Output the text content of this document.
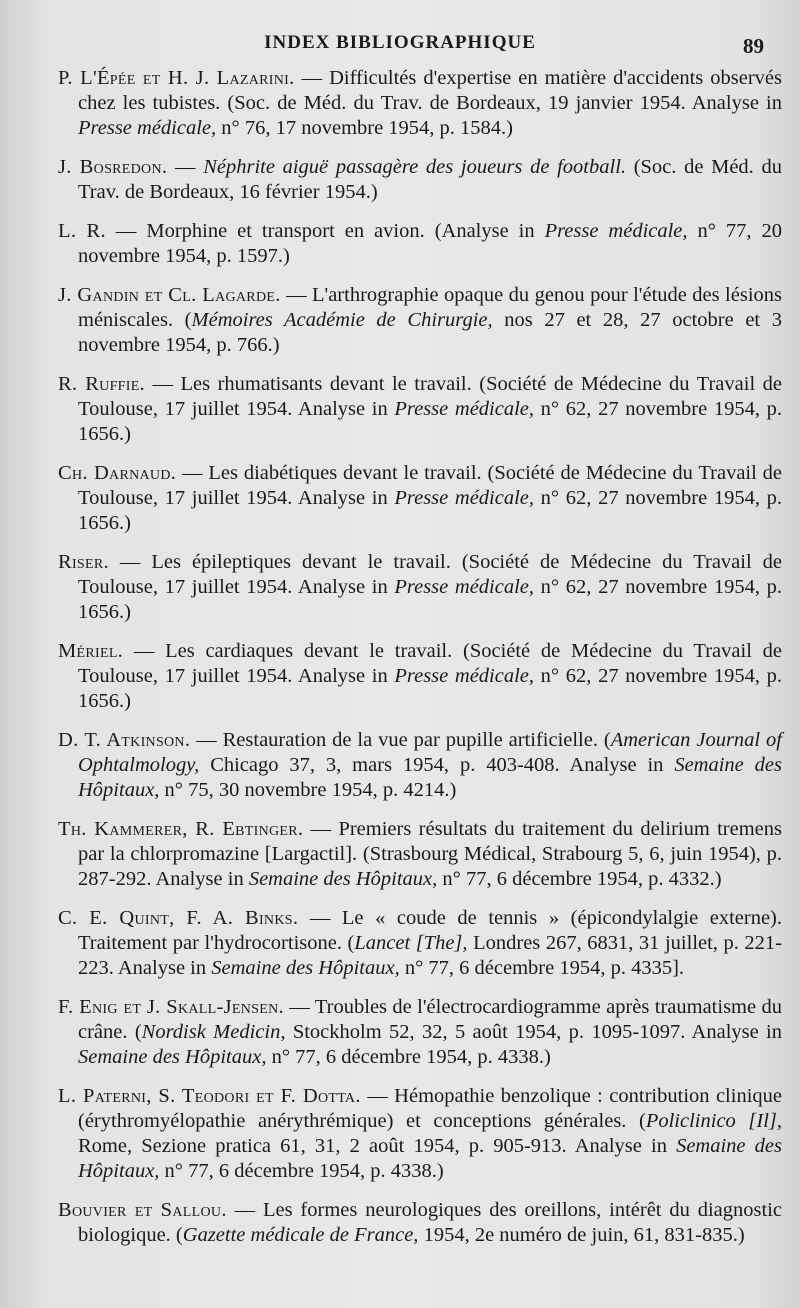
INDEX BIBLIOGRAPHIQUE	89

P. L'Épée et H. J. Lazarini. — Difficultés d'expertise en matière d'accidents observés chez les tubistes. (Soc. de Méd. du Trav. de Bordeaux, 19 janvier 1954. Analyse in Presse médicale, n° 76, 17 novembre 1954, p. 1584.)

J. Bosredon. — Néphrite aiguë passagère des joueurs de football. (Soc. de Méd. du Trav. de Bordeaux, 16 février 1954.)

L. R. — Morphine et transport en avion. (Analyse in Presse médicale, n° 77, 20 novembre 1954, p. 1597.)

J. Gandin et Cl. Lagarde. — L'arthrographie opaque du genou pour l'étude des lésions méniscales. (Mémoires Académie de Chirurgie, nos 27 et 28, 27 octobre et 3 novembre 1954, p. 766.)

R. Ruffie. — Les rhumatisants devant le travail. (Société de Médecine du Travail de Toulouse, 17 juillet 1954. Analyse in Presse médicale, n° 62, 27 novembre 1954, p. 1656.)

Ch. Darnaud. — Les diabétiques devant le travail. (Société de Médecine du Travail de Toulouse, 17 juillet 1954. Analyse in Presse médicale, n° 62, 27 novembre 1954, p. 1656.)

Riser. — Les épileptiques devant le travail. (Société de Médecine du Travail de Toulouse, 17 juillet 1954. Analyse in Presse médicale, n° 62, 27 novembre 1954, p. 1656.)

Mériel. — Les cardiaques devant le travail. (Société de Médecine du Travail de Toulouse, 17 juillet 1954. Analyse in Presse médicale, n° 62, 27 novembre 1954, p. 1656.)

D. T. Atkinson. — Restauration de la vue par pupille artificielle. (American Journal of Ophtalmology, Chicago 37, 3, mars 1954, p. 403-408. Analyse in Semaine des Hôpitaux, n° 75, 30 novembre 1954, p. 4214.)

Th. Kammerer, R. Ebtinger. — Premiers résultats du traitement du delirium tremens par la chlorpromazine [Largactil]. (Strasbourg Médical, Strabourg 5, 6, juin 1954), p. 287-292. Analyse in Semaine des Hôpitaux, n° 77, 6 décembre 1954, p. 4332.)

C. E. Quint, F. A. Binks. — Le « coude de tennis » (épicondylalgie externe). Traitement par l'hydrocortisone. (Lancet [The], Londres 267, 6831, 31 juillet, p. 221-223. Analyse in Semaine des Hôpitaux, n° 77, 6 décembre 1954, p. 4335].

F. Enig et J. Skall-Jensen. — Troubles de l'électrocardiogramme après traumatisme du crâne. (Nordisk Medicin, Stockholm 52, 32, 5 août 1954, p. 1095-1097. Analyse in Semaine des Hôpitaux, n° 77, 6 décembre 1954, p. 4338.)

L. Paterni, S. Teodori et F. Dotta. — Hémopathie benzolique : contribution clinique (érythromyélopathie anérythrémique) et conceptions générales. (Policlinico [Il], Rome, Sezione pratica 61, 31, 2 août 1954, p. 905-913. Analyse in Semaine des Hôpitaux, n° 77, 6 décembre 1954, p. 4338.)

Bouvier et Sallou. — Les formes neurologiques des oreillons, intérêt du diagnostic biologique. (Gazette médicale de France, 1954, 2e numéro de juin, 61, 831-835.)
